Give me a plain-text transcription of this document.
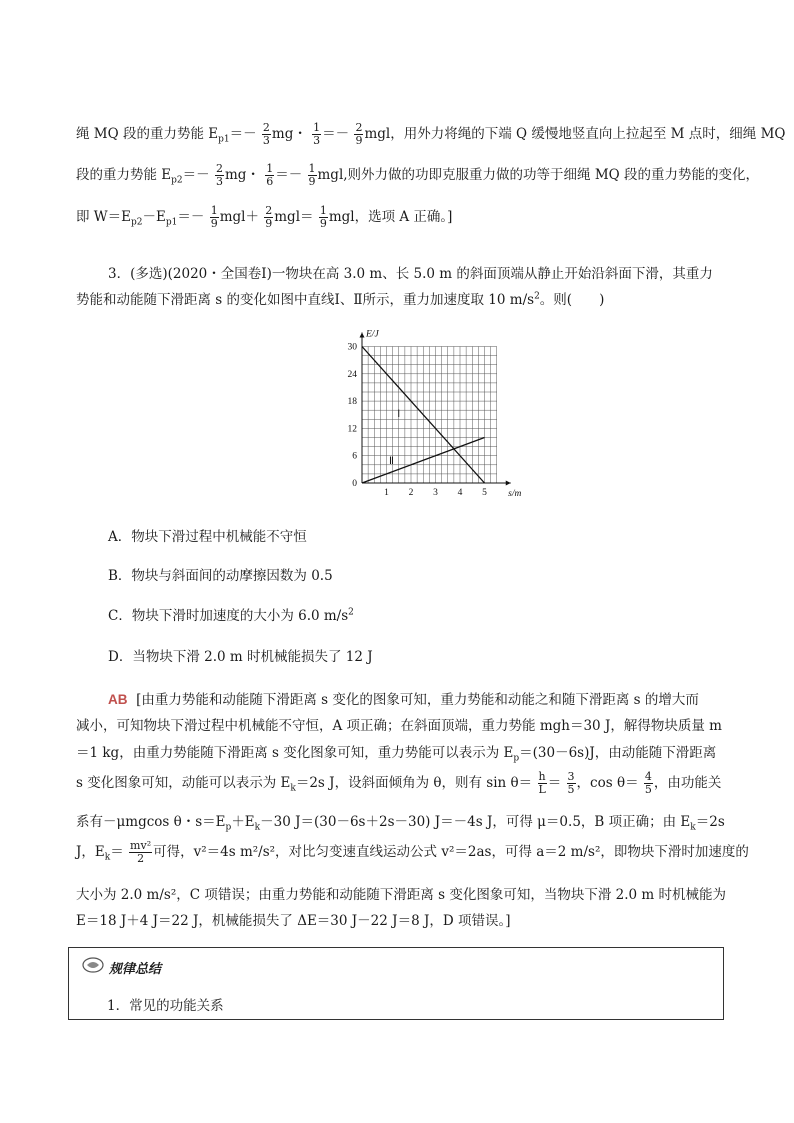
绳 MQ 段的重力势能 $E_{p1}=- \frac{2}{3}$ mg・ $\frac{1}{3} =- \frac{2}{9}$ mgl，用外力将绳的下端 Q 缓慢地竖直向上拉起至 M 点时，细绳 MQ
段的重力势能 $E_{p2}=- \frac{2}{3}$ mg・ $\frac{1}{6} =- \frac{1}{9}$ mgl,则外力做的功即克服重力做的功等于细绳 MQ 段的重力势能的变化，
即 $W=E_{p2}-E_{p1}=- \frac{1}{9} mgl+ \frac{2}{9} mgl= \frac{1}{9}$ mgl，选项 A 正确。]
3．(多选)(2020・全国卷Ⅰ)一物块在高 3.0 m、长 5.0 m 的斜面顶端从静止开始沿斜面下滑，其重力
势能和动能随下滑距离 s 的变化如图中直线Ⅰ、Ⅱ所示，重力加速度取 10 $m/s^2$。则(　　)
0
1 2 3 4 5
6
12
18
24
30
E/J
s/m
Ⅰ
Ⅱ
A．物块下滑过程中机械能不守恒
B．物块与斜面间的动摩擦因数为 0.5
C．物块下滑时加速度的大小为 6.0 $m/s^2$
D．当物块下滑 2.0 m 时机械能损失了 12 J
AB [由重力势能和动能随下滑距离 s 变化的图象可知，重力势能和动能之和随下滑距离 s 的增大而
减小，可知物块下滑过程中机械能不守恒，A 项正确；在斜面顶端，重力势能 mgh＝30 J，解得物块质量 m
＝1 kg，由重力势能随下滑距离 s 变化图象可知，重力势能可以表示为 $E_p=(30-6s)J$，由动能随下滑距离
s 变化图象可知，动能可以表示为 $E_k=2s$ J，设斜面倾角为 θ，则有 $\sin \theta= \frac{h}{L} = \frac{3}{5}$ ，$\cos \theta= \frac{4}{5}$ ，由功能关
系有－μmgcos θ・$s=E_p+E_k-30$ J＝(30－6s＋2s－30) J＝－4s J，可得 μ＝0.5，B 项正确；由 $E_k=2s$
J，$E_k= \frac{\text{mv²}}{2}$ 可得，v²＝4s m²/s²，对比匀变速直线运动公式 v²＝2as，可得 a＝2 m/s²，即物块下滑时加速度的
大小为 2.0 m/s²，C 项错误；由重力势能和动能随下滑距离 s 变化图象可知，当物块下滑 2.0 m 时机械能为
E＝18 J＋4 J＝22 J，机械能损失了 ΔE＝30 J－22 J＝8 J，D 项错误。]
规律总结
1．常见的功能关系
